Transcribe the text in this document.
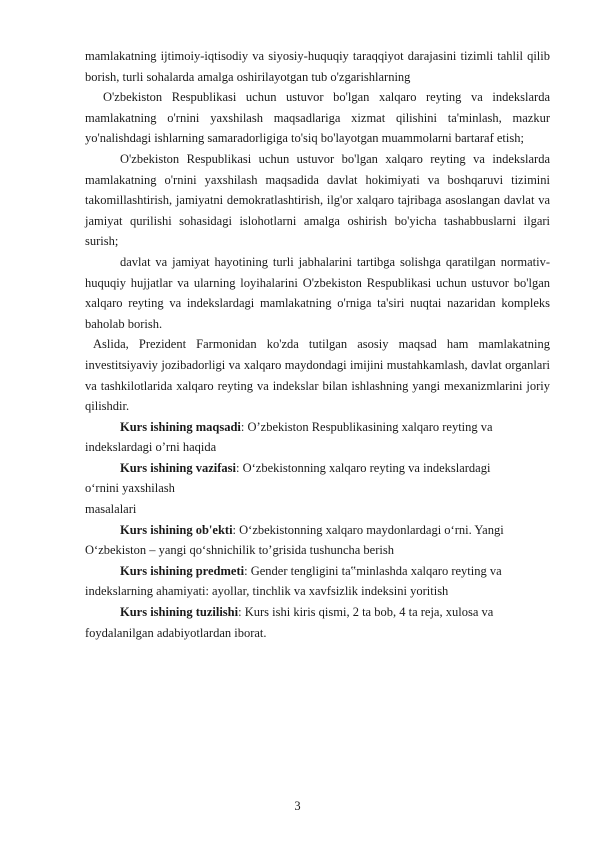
mamlakatning ijtimoiy-iqtisodiy va siyosiy-huquqiy taraqqiyot darajasini tizimli tahlil qilib borish, turli sohalarda amalga oshirilayotgan tub o'zgarishlarning

O'zbekiston Respublikasi uchun ustuvor bo'lgan xalqaro reyting va indekslarda mamlakatning o'rnini yaxshilash maqsadlariga xizmat qilishini ta'minlash, mazkur yo'nalishdagi ishlarning samaradorligiga to'siq bo'layotgan muammolarni bartaraf etish;

O'zbekiston Respublikasi uchun ustuvor bo'lgan xalqaro reyting va indekslarda mamlakatning o'rnini yaxshilash maqsadida davlat hokimiyati va boshqaruvi tizimini takomillashtirish, jamiyatni demokratlashtirish, ilg'or xalqaro tajribaga asoslangan davlat va jamiyat qurilishi sohasidagi islohotlarni amalga oshirish bo'yicha tashabbuslarni ilgari surish;

davlat va jamiyat hayotining turli jabhalarini tartibga solishga qaratilgan normativ-huquqiy hujjatlar va ularning loyihalarini O'zbekiston Respublikasi uchun ustuvor bo'lgan xalqaro reyting va indekslardagi mamlakatning o'rniga ta'siri nuqtai nazaridan kompleks baholab borish.

Aslida, Prezident Farmonidan ko'zda tutilgan asosiy maqsad ham mamlakatning investitsiyaviy jozibadorligi va xalqaro maydondagi imijini mustahkamlash, davlat organlari va tashkilotlarida xalqaro reyting va indekslar bilan ishlashning yangi mexanizmlarini joriy qilishdir.

Kurs ishining maqsadi: O’zbekiston Respublikasining xalqaro reyting va
indekslardagi o’rni haqida
Kurs ishining vazifasi: O‘zbekistonning xalqaro reyting va indekslardagi
o‘rnini yaxshilash
masalalari
Kurs ishining ob'ekti: O‘zbekistonning xalqaro maydonlardagi o‘rni. Yangi
O‘zbekiston – yangi qo‘shnichilik to’grisida tushuncha berish
Kurs ishining predmeti: Gender tengligini ta‟minlashda xalqaro reyting va
indekslarning ahamiyati: ayollar, tinchlik va xavfsizlik indeksini yoritish
Kurs ishining tuzilishi: Kurs ishi kiris qismi, 2 ta bob, 4 ta reja, xulosa va
foydalanilgan adabiyotlardan iborat.
3
